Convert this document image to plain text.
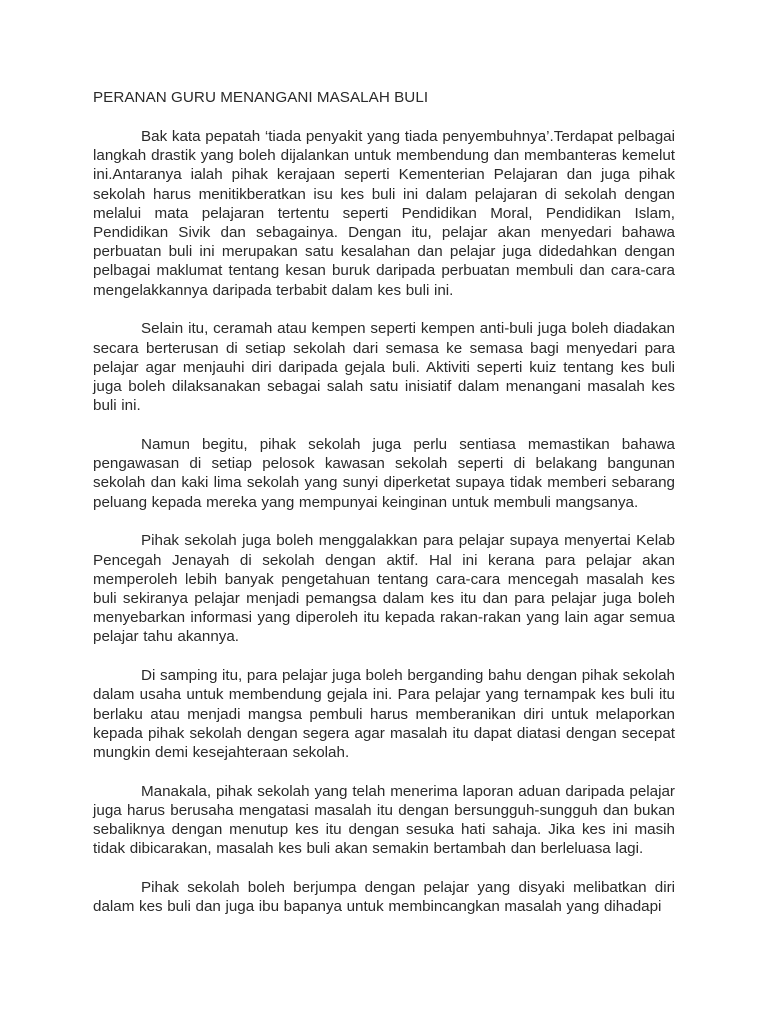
PERANAN GURU MENANGANI MASALAH BULI

Bak kata pepatah ‘tiada penyakit yang tiada penyembuhnya’.Terdapat pelbagai langkah drastik yang boleh dijalankan untuk membendung dan membanteras kemelut ini.Antaranya ialah pihak kerajaan seperti Kementerian Pelajaran dan juga pihak sekolah harus menitikberatkan isu kes buli ini dalam pelajaran di sekolah dengan melalui mata pelajaran tertentu seperti Pendidikan Moral, Pendidikan Islam, Pendidikan Sivik dan sebagainya. Dengan itu, pelajar akan menyedari bahawa perbuatan buli ini merupakan satu kesalahan dan pelajar juga didedahkan dengan pelbagai maklumat tentang kesan buruk daripada perbuatan membuli dan cara-cara mengelakkannya daripada terbabit dalam kes buli ini.

Selain itu, ceramah atau kempen seperti kempen anti-buli juga boleh diadakan secara berterusan di setiap sekolah dari semasa ke semasa bagi menyedari para pelajar agar menjauhi diri daripada gejala buli. Aktiviti seperti kuiz tentang kes buli juga boleh dilaksanakan sebagai salah satu inisiatif dalam menangani masalah kes buli ini.

Namun begitu, pihak sekolah juga perlu sentiasa memastikan bahawa pengawasan di setiap pelosok kawasan sekolah seperti di belakang bangunan sekolah dan kaki lima sekolah yang sunyi diperketat supaya tidak memberi sebarang peluang kepada mereka yang mempunyai keinginan untuk membuli mangsanya.

Pihak sekolah juga boleh menggalakkan para pelajar supaya menyertai Kelab Pencegah Jenayah di sekolah dengan aktif. Hal ini kerana para pelajar akan memperoleh lebih banyak pengetahuan tentang cara-cara mencegah masalah kes buli sekiranya pelajar menjadi pemangsa dalam kes itu dan para pelajar juga boleh menyebarkan informasi yang diperoleh itu kepada rakan-rakan yang lain agar semua pelajar tahu akannya.

Di samping itu, para pelajar juga boleh berganding bahu dengan pihak sekolah dalam usaha untuk membendung gejala ini. Para pelajar yang ternampak kes buli itu berlaku atau menjadi mangsa pembuli harus memberanikan diri untuk melaporkan kepada pihak sekolah dengan segera agar masalah itu dapat diatasi dengan secepat mungkin demi kesejahteraan sekolah.

Manakala, pihak sekolah yang telah menerima laporan aduan daripada pelajar juga harus berusaha mengatasi masalah itu dengan bersungguh-sungguh dan bukan sebaliknya dengan menutup kes itu dengan sesuka hati sahaja. Jika kes ini masih tidak dibicarakan, masalah kes buli akan semakin bertambah dan berleluasa lagi.

Pihak sekolah boleh berjumpa dengan pelajar yang disyaki melibatkan diri dalam kes buli dan juga ibu bapanya untuk membincangkan masalah yang dihadapi
